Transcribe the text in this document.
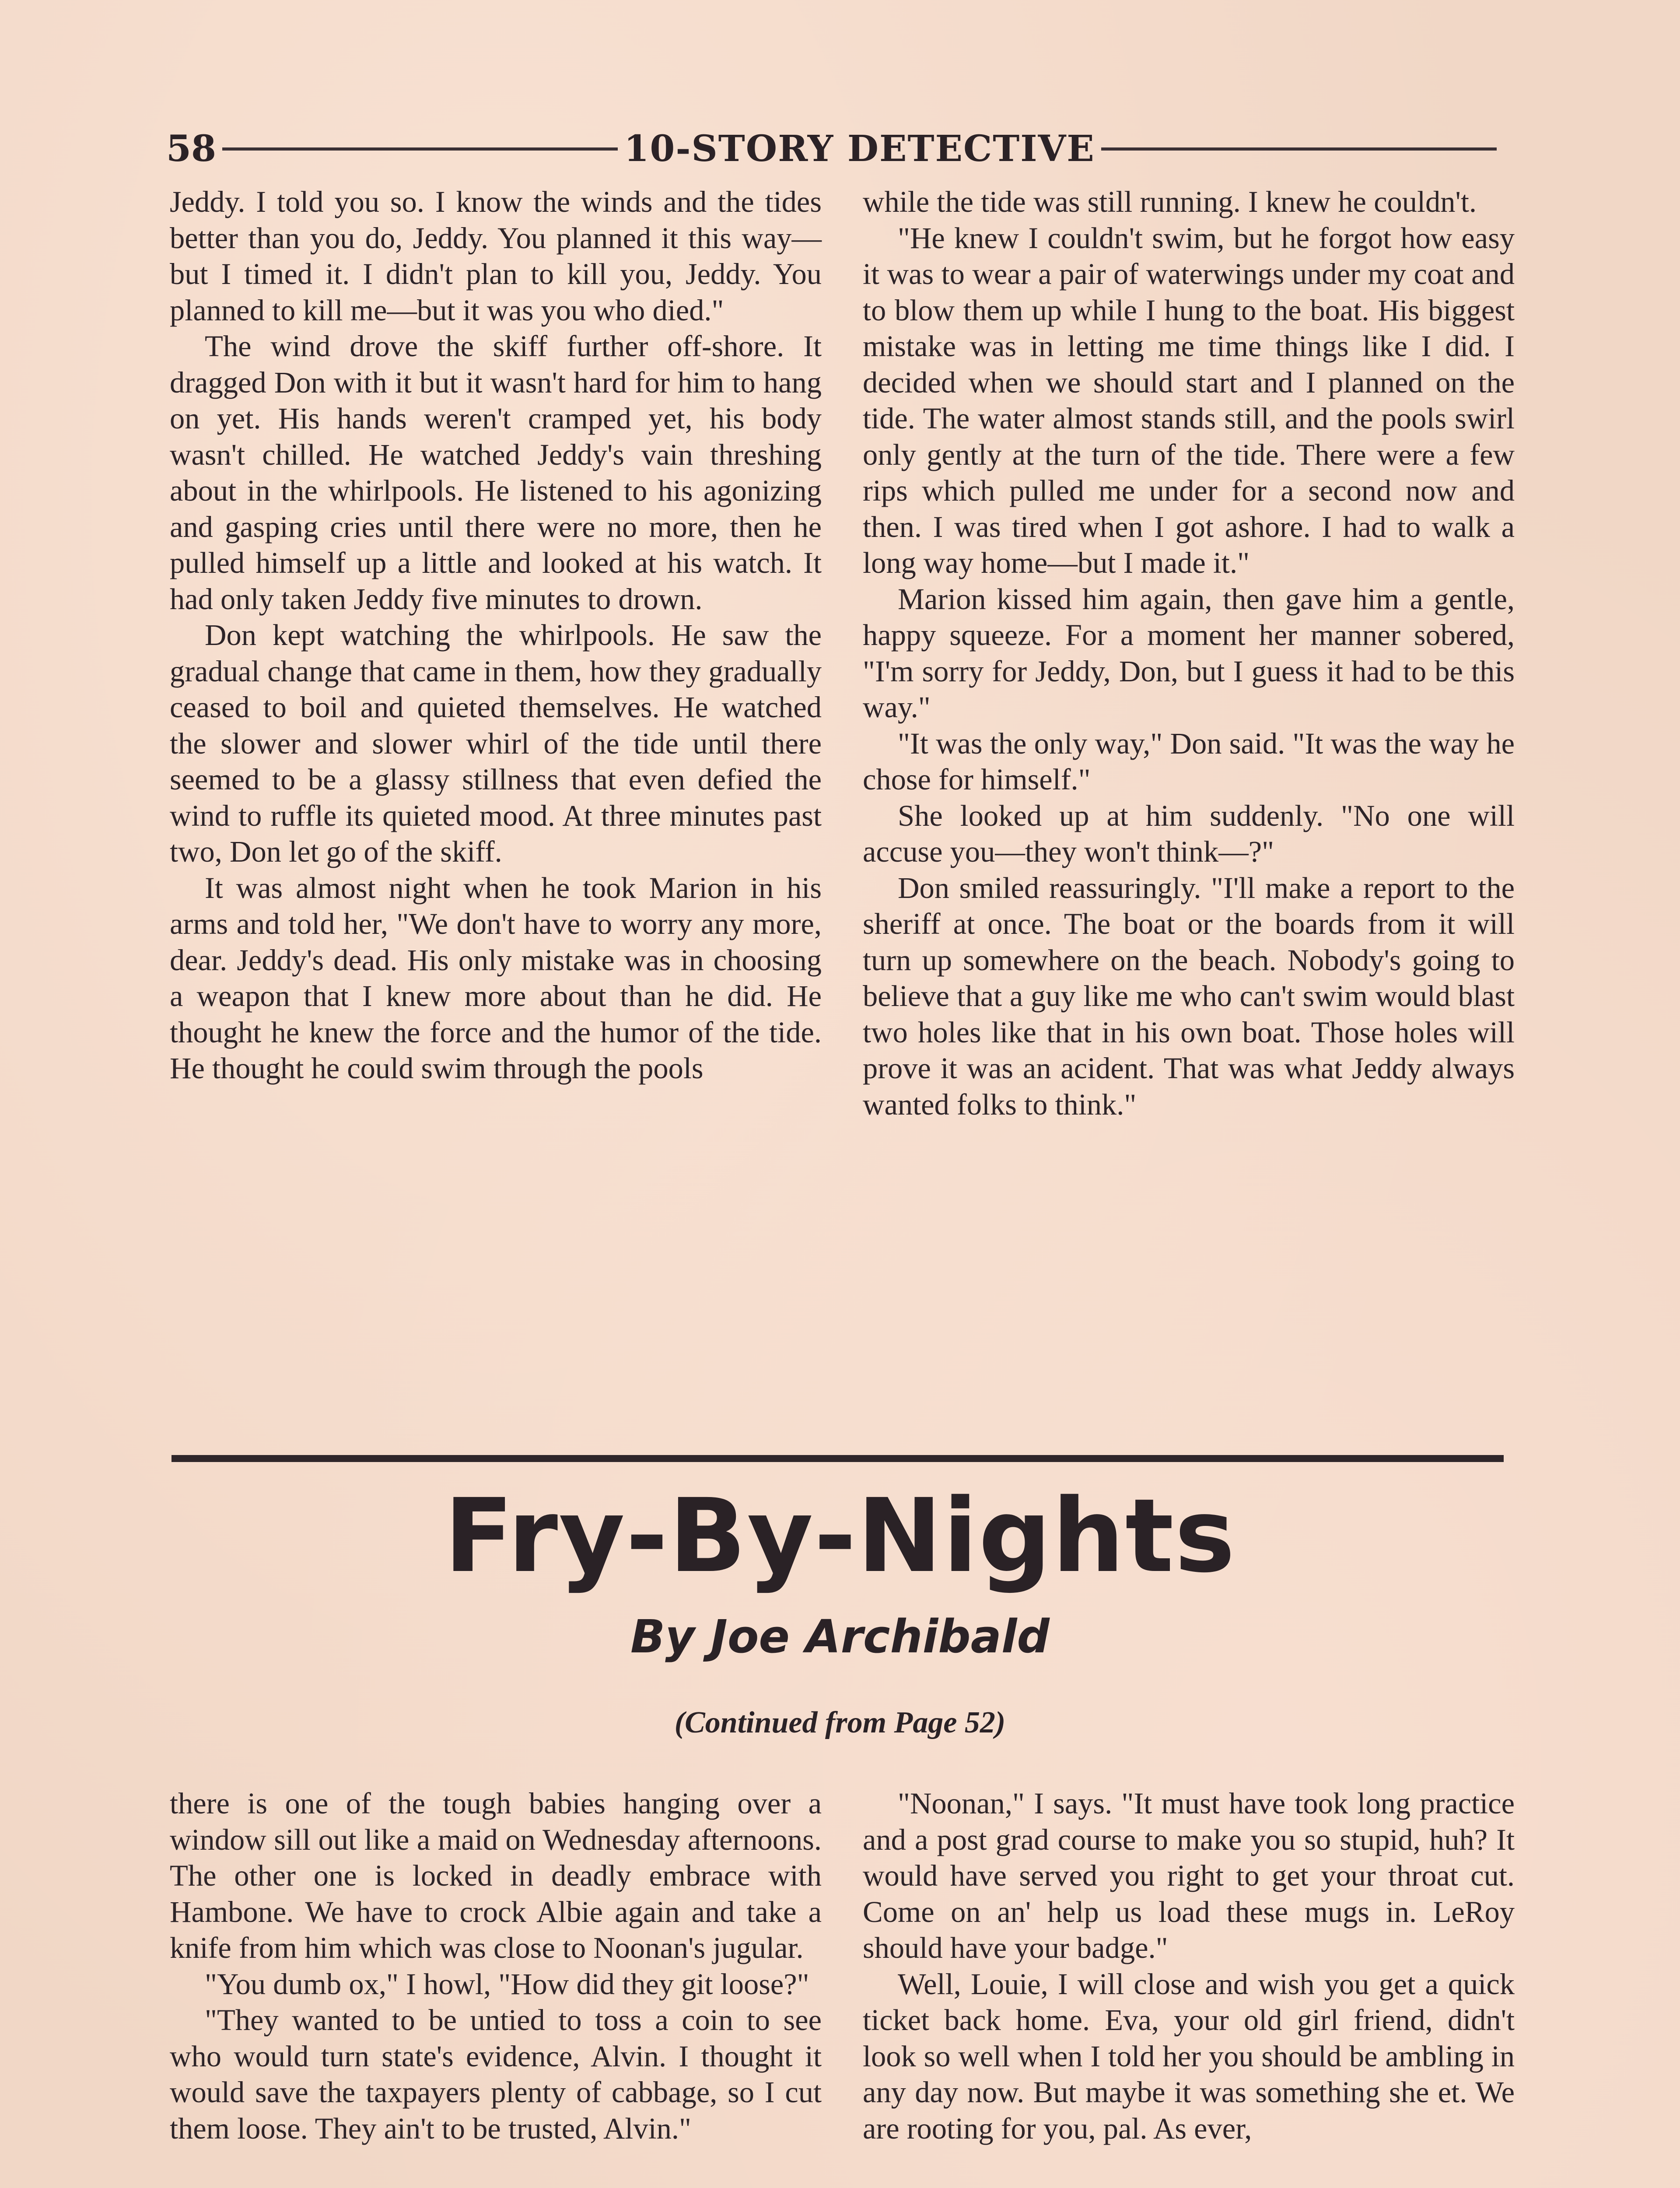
58	10-STORY DETECTIVE

Jeddy. I told you so. I know the winds and the tides better than you do, Jeddy. You planned it this way—but I timed it. I didn't plan to kill you, Jeddy. You planned to kill me—but it was you who died."

The wind drove the skiff further off-shore. It dragged Don with it but it wasn't hard for him to hang on yet. His hands weren't cramped yet, his body wasn't chilled. He watched Jeddy's vain threshing about in the whirlpools. He listened to his agonizing and gasping cries until there were no more, then he pulled himself up a little and looked at his watch. It had only taken Jeddy five minutes to drown.

Don kept watching the whirlpools. He saw the gradual change that came in them, how they gradually ceased to boil and quieted themselves. He watched the slower and slower whirl of the tide until there seemed to be a glassy stillness that even defied the wind to ruffle its quieted mood. At three minutes past two, Don let go of the skiff.

It was almost night when he took Marion in his arms and told her, "We don't have to worry any more, dear. Jeddy's dead. His only mistake was in choosing a weapon that I knew more about than he did. He thought he knew the force and the humor of the tide. He thought he could swim through the pools

while the tide was still running. I knew he couldn't.

"He knew I couldn't swim, but he forgot how easy it was to wear a pair of waterwings under my coat and to blow them up while I hung to the boat. His biggest mistake was in letting me time things like I did. I decided when we should start and I planned on the tide. The water almost stands still, and the pools swirl only gently at the turn of the tide. There were a few rips which pulled me under for a second now and then. I was tired when I got ashore. I had to walk a long way home—but I made it."

Marion kissed him again, then gave him a gentle, happy squeeze. For a moment her manner sobered, "I'm sorry for Jeddy, Don, but I guess it had to be this way."

"It was the only way," Don said. "It was the way he chose for himself."

She looked up at him suddenly. "No one will accuse you—they won't think—?"

Don smiled reassuringly. "I'll make a report to the sheriff at once. The boat or the boards from it will turn up somewhere on the beach. Nobody's going to believe that a guy like me who can't swim would blast two holes like that in his own boat. Those holes will prove it was an acident. That was what Jeddy always wanted folks to think."

Fry-By-Nights
By Joe Archibald
(Continued from Page 52)

there is one of the tough babies hanging over a window sill out like a maid on Wednesday afternoons. The other one is locked in deadly embrace with Hambone. We have to crock Albie again and take a knife from him which was close to Noonan's jugular.

"You dumb ox," I howl, "How did they git loose?"

"They wanted to be untied to toss a coin to see who would turn state's evidence, Alvin. I thought it would save the taxpayers plenty of cabbage, so I cut them loose. They ain't to be trusted, Alvin."

"Noonan," I says. "It must have took long practice and a post grad course to make you so stupid, huh? It would have served you right to get your throat cut. Come on an' help us load these mugs in. LeRoy should have your badge."

Well, Louie, I will close and wish you get a quick ticket back home. Eva, your old girl friend, didn't look so well when I told her you should be ambling in any day now. But maybe it was something she et. We are rooting for you, pal. As ever,
